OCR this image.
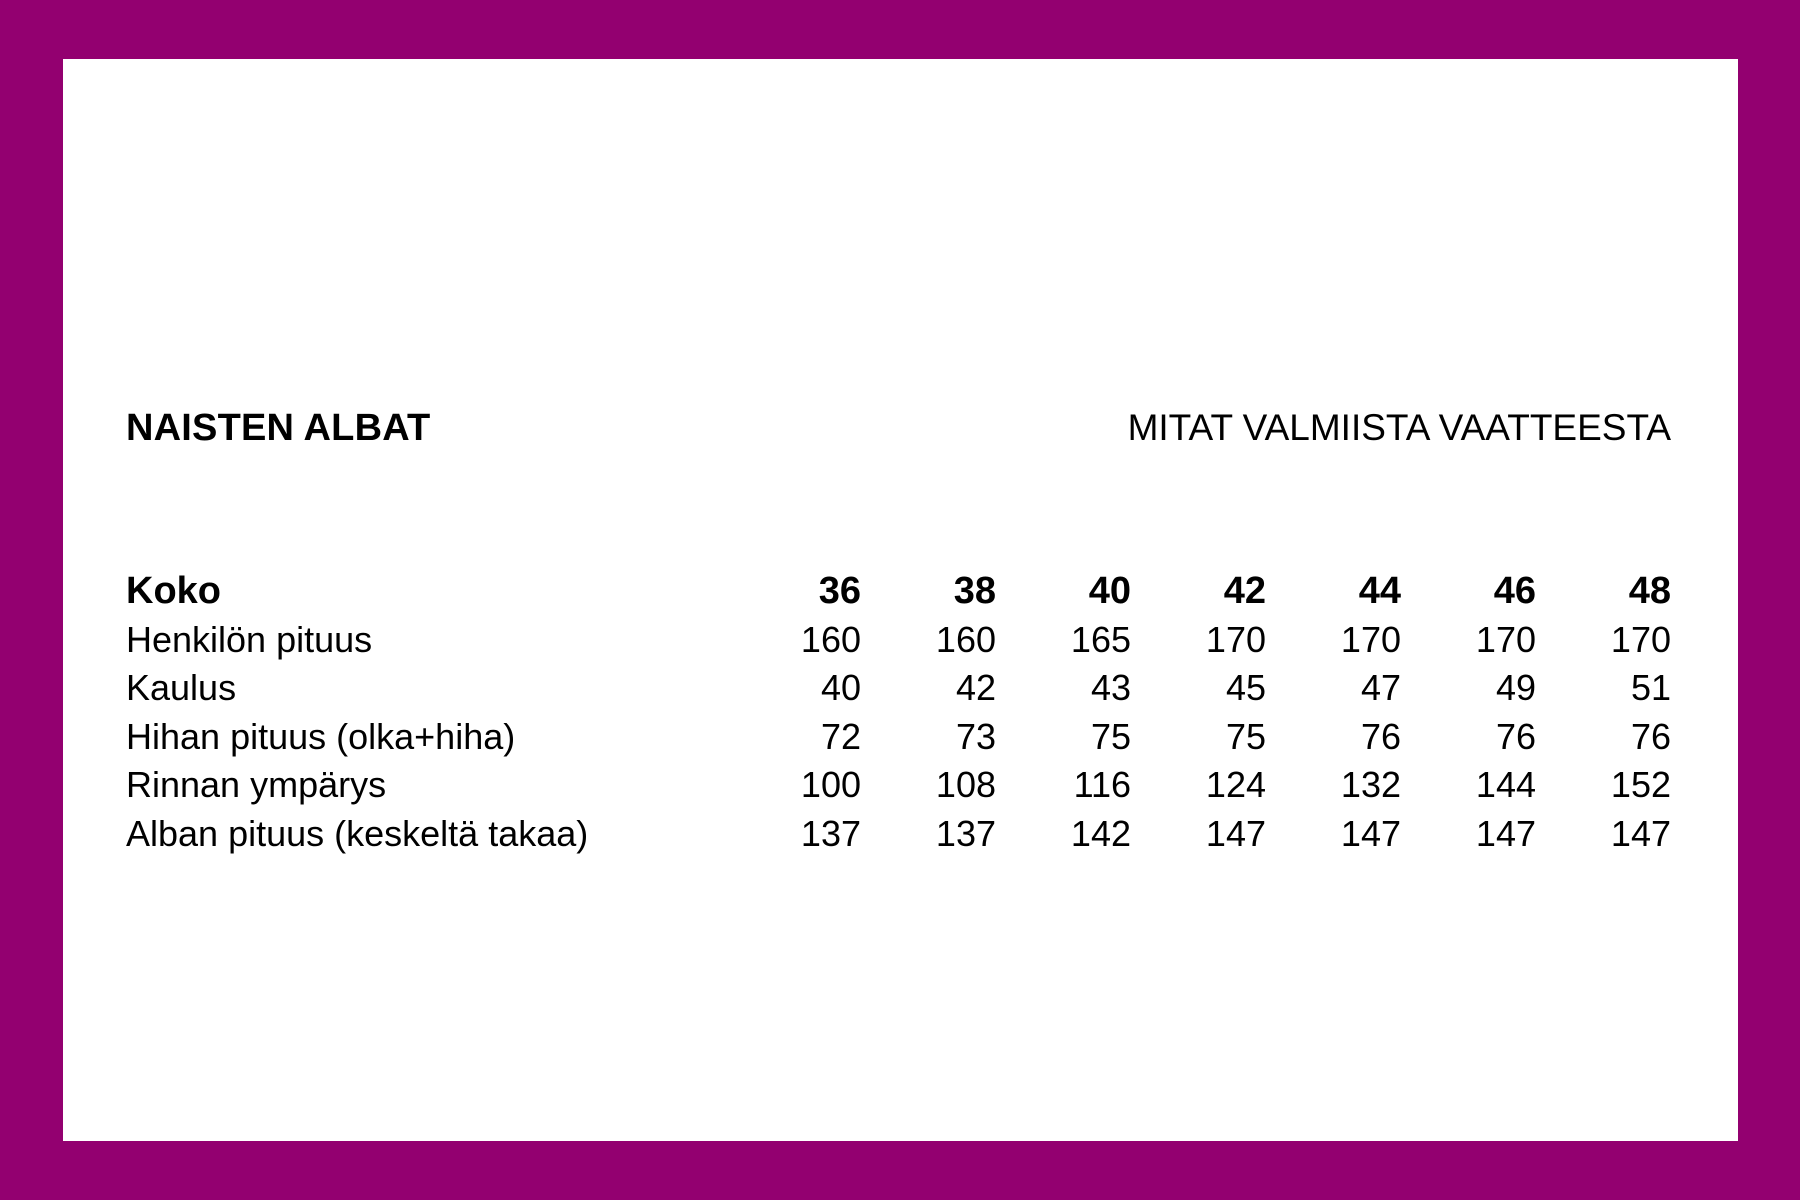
NAISTEN ALBAT	MITAT VALMIISTA VAATTEESTA
Koko	36	38	40	42	44	46	48
Henkilön pituus	160	160	165	170	170	170	170
Kaulus	40	42	43	45	47	49	51
Hihan pituus (olka+hiha)	72	73	75	75	76	76	76
Rinnan ympärys	100	108	116	124	132	144	152
Alban pituus (keskeltä takaa)	137	137	142	147	147	147	147
